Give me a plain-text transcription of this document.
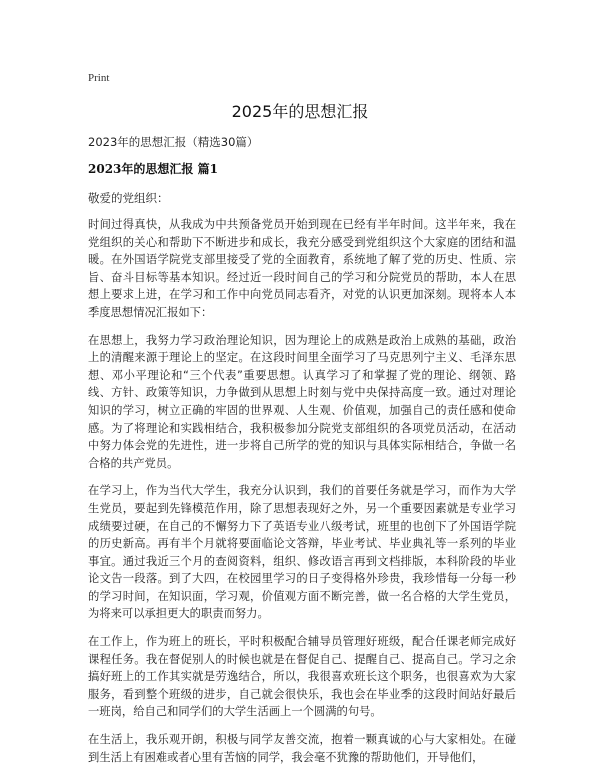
Print
2025年的思想汇报
2023年的思想汇报（精选30篇）
2023年的思想汇报 篇1
敬爱的党组织：

时间过得真快，从我成为中共预备党员开始到现在已经有半年时间。这半年来，我在党组织的关心和帮助下不断进步和成长，我充分感受到党组织这个大家庭的团结和温暖。在外国语学院党支部里接受了党的全面教育，系统地了解了党的历史、性质、宗旨、奋斗目标等基本知识。经过近一段时间自己的学习和分院党员的帮助，本人在思想上要求上进，在学习和工作中向党员同志看齐，对党的认识更加深刻。现将本人本季度思想情况汇报如下：

在思想上，我努力学习政治理论知识，因为理论上的成熟是政治上成熟的基础，政治上的清醒来源于理论上的坚定。在这段时间里全面学习了马克思列宁主义、毛泽东思想、邓小平理论和“三个代表”重要思想。认真学习了和掌握了党的理论、纲领、路线、方针、政策等知识，力争做到从思想上时刻与党中央保持高度一致。通过对理论知识的学习，树立正确的牢固的世界观、人生观、价值观，加强自己的责任感和使命感。为了将理论和实践相结合，我积极参加分院党支部组织的各项党员活动，在活动中努力体会党的先进性，进一步将自己所学的党的知识与具体实际相结合，争做一名合格的共产党员。

在学习上，作为当代大学生，我充分认识到，我们的首要任务就是学习，而作为大学生党员，要起到先锋模范作用，除了思想表现好之外，另一个重要因素就是专业学习成绩要过硬，在自己的不懈努力下了英语专业八级考试，班里的也创下了外国语学院的历史新高。再有半个月就将要面临论文答辩，毕业考试、毕业典礼等一系列的毕业事宜。通过我近三个月的查阅资料，组织、修改语言再到文档排版，本科阶段的毕业论文告一段落。到了大四，在校园里学习的日子变得格外珍贵，我珍惜每一分每一秒的学习时间，在知识面，学习观，价值观方面不断完善，做一名合格的大学生党员，为将来可以承担更大的职责而努力。

在工作上，作为班上的班长，平时积极配合辅导员管理好班级，配合任课老师完成好课程任务。我在督促别人的时候也就是在督促自己、提醒自己、提高自己。学习之余搞好班上的工作其实就是劳逸结合，所以，我很喜欢班长这个职务，也很喜欢为大家服务，看到整个班级的进步，自己就会很快乐，我也会在毕业季的这段时间站好最后一班岗，给自己和同学们的大学生活画上一个圆满的句号。

在生活上，我乐观开朗，积极与同学友善交流，抱着一颗真诚的心与大家相处。在碰到生活上有困难或者心里有苦恼的同学，我会毫不犹豫的帮助他们，开导他们，
